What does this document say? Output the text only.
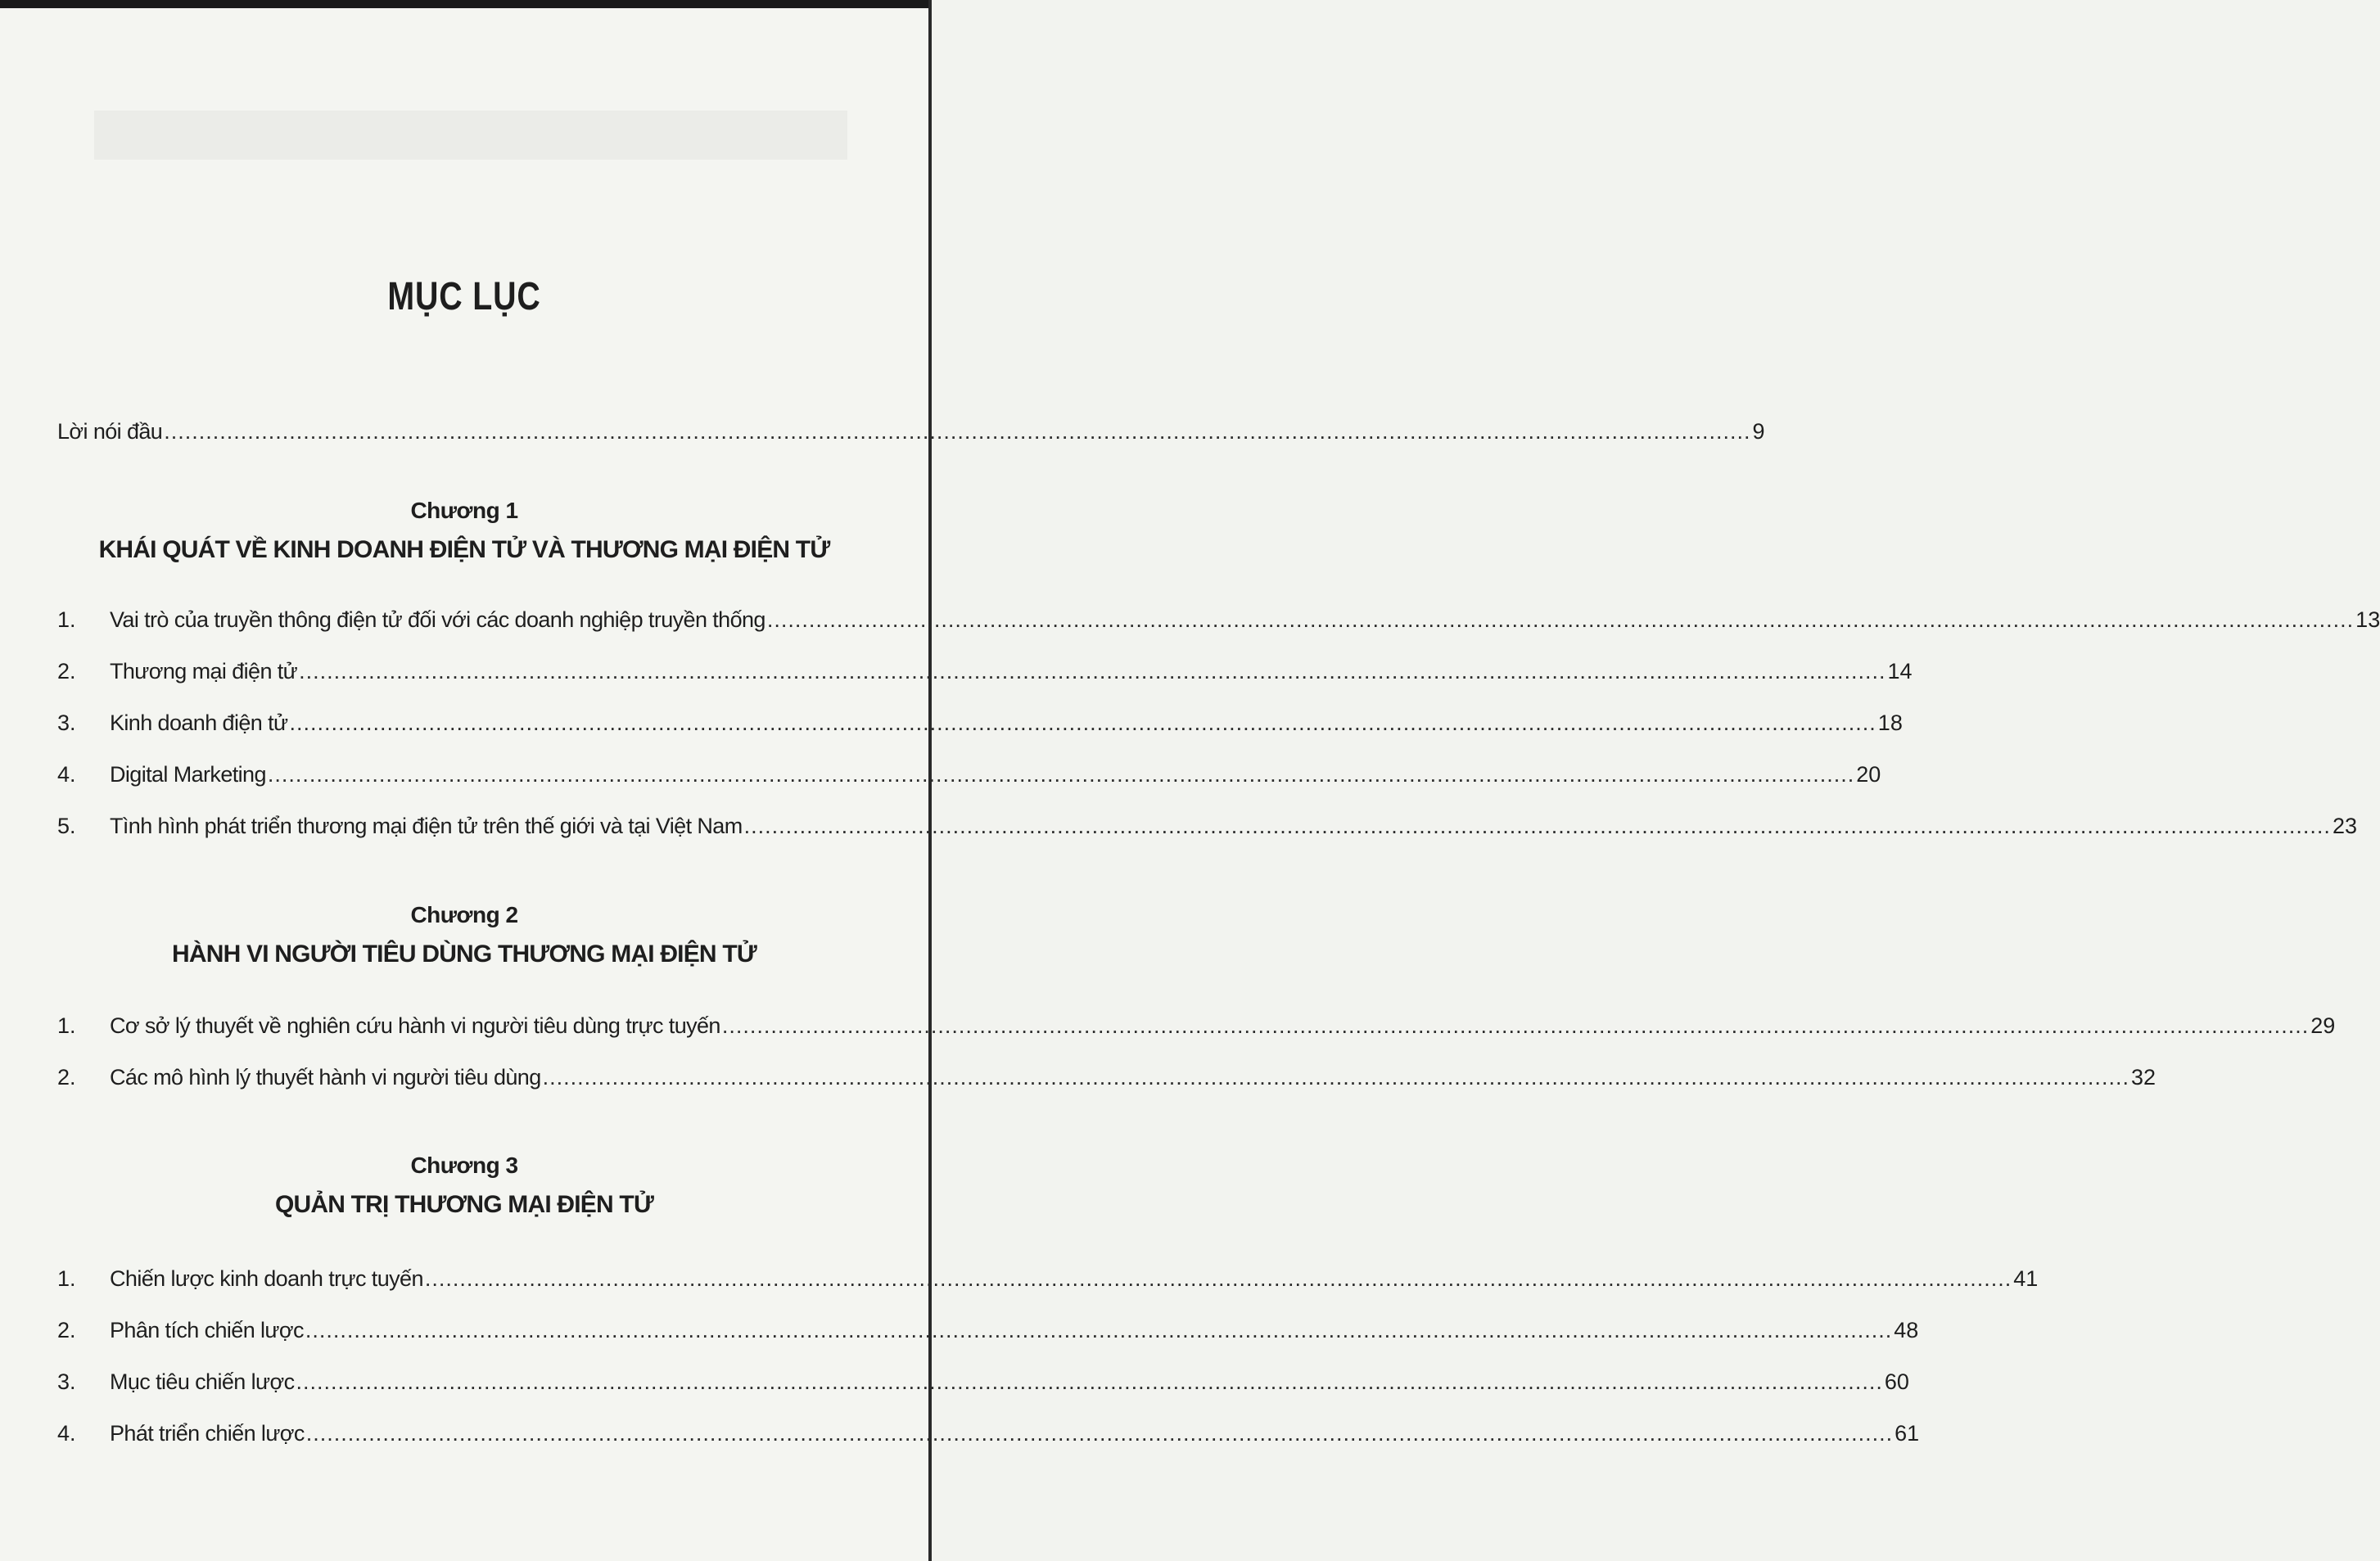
MỤC LỤC
Lời nói đầu .................................................................................................................................................................................................................................... 9
Chương 1
KHÁI QUÁT VỀ KINH DOANH ĐIỆN TỬ VÀ THƯƠNG MẠI ĐIỆN TỬ
1.	Vai trò của truyền thông điện tử đối với các doanh nghiệp truyền thống .................................................................................................................................................................................................................................... 13
2.	Thương mại điện tử .................................................................................................................................................................................................................................... 14
3.	Kinh doanh điện tử .................................................................................................................................................................................................................................... 18
4.	Digital Marketing .................................................................................................................................................................................................................................... 20
5.	Tình hình phát triển thương mại điện tử trên thế giới và tại Việt Nam .................................................................................................................................................................................................................................... 23
Chương 2
HÀNH VI NGƯỜI TIÊU DÙNG THƯƠNG MẠI ĐIỆN TỬ
1.	Cơ sở lý thuyết về nghiên cứu hành vi người tiêu dùng trực tuyến .................................................................................................................................................................................................................................... 29
2.	Các mô hình lý thuyết hành vi người tiêu dùng .................................................................................................................................................................................................................................... 32
Chương 3
QUẢN TRỊ THƯƠNG MẠI ĐIỆN TỬ
1.	Chiến lược kinh doanh trực tuyến .................................................................................................................................................................................................................................... 41
2.	Phân tích chiến lược .................................................................................................................................................................................................................................... 48
3.	Mục tiêu chiến lược .................................................................................................................................................................................................................................... 60
4.	Phát triển chiến lược .................................................................................................................................................................................................................................... 61
